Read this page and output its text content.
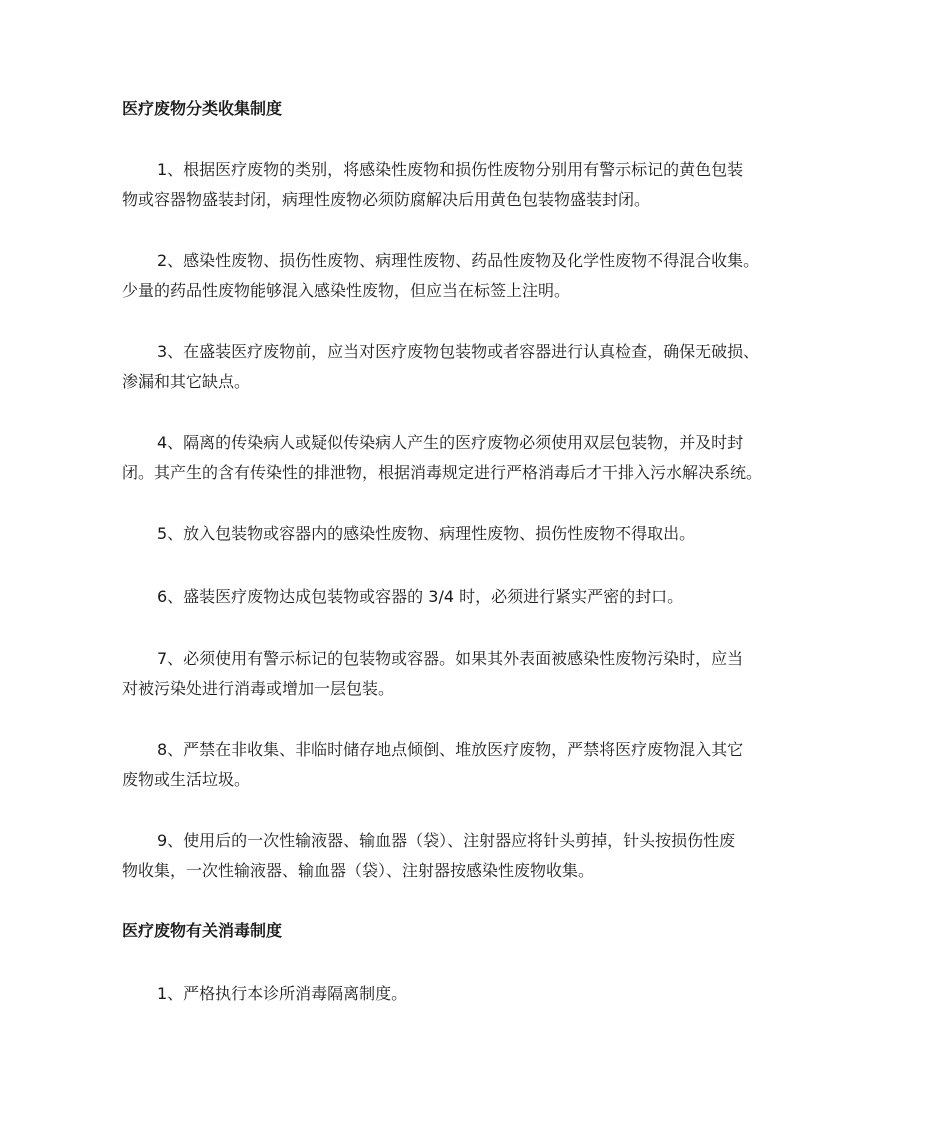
医疗废物分类收集制度

1、根据医疗废物的类别，将感染性废物和损伤性废物分别用有警示标记的黄色包装
物或容器物盛装封闭，病理性废物必须防腐解决后用黄色包装物盛装封闭。

2、感染性废物、损伤性废物、病理性废物、药品性废物及化学性废物不得混合收集。
少量的药品性废物能够混入感染性废物，但应当在标签上注明。

3、在盛装医疗废物前，应当对医疗废物包装物或者容器进行认真检查，确保无破损、
渗漏和其它缺点。

4、隔离的传染病人或疑似传染病人产生的医疗废物必须使用双层包装物，并及时封
闭。其产生的含有传染性的排泄物，根据消毒规定进行严格消毒后才干排入污水解决系统。

5、放入包装物或容器内的感染性废物、病理性废物、损伤性废物不得取出。

6、盛装医疗废物达成包装物或容器的 3/4 时，必须进行紧实严密的封口。

7、必须使用有警示标记的包装物或容器。如果其外表面被感染性废物污染时，应当
对被污染处进行消毒或增加一层包装。

8、严禁在非收集、非临时储存地点倾倒、堆放医疗废物，严禁将医疗废物混入其它
废物或生活垃圾。

9、使用后的一次性输液器、输血器（袋）、注射器应将针头剪掉，针头按损伤性废
物收集，一次性输液器、输血器（袋）、注射器按感染性废物收集。

医疗废物有关消毒制度

1、严格执行本诊所消毒隔离制度。
